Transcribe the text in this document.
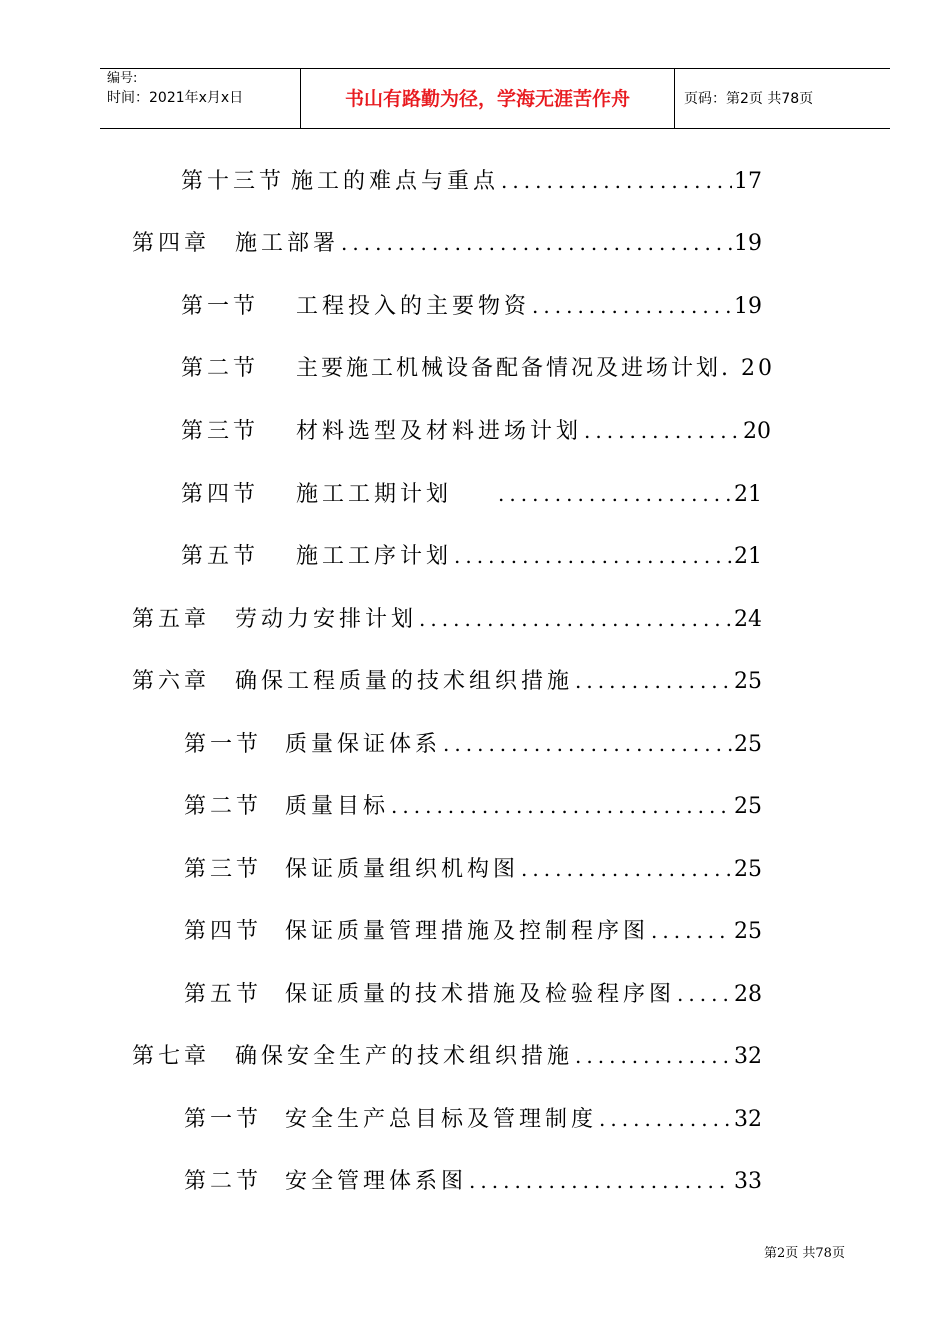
编号:
时间：2021年x月x日	书山有路勤为径，学海无涯苦作舟	页码：第2页 共78页
第十三节 施工的难点与重点 .....	17
第四章	施工部署 .....	19
第一节	工程投入的主要物资 .....	19
第二节	主要施工机械设备配备情况及进场计划. 20
第三节	材料选型及材料进场计划 .....	20
第四节	施工工期计划 .....	21
第五节	施工工序计划 .....	21
第五章	劳动力安排计划 .....	24
第六章	确保工程质量的技术组织措施 .....	25
第一节	质量保证体系 .....	25
第二节	质量目标 .....	25
第三节	保证质量组织机构图 .....	25
第四节	保证质量管理措施及控制程序图 .....	25
第五节	保证质量的技术措施及检验程序图 .....	28
第七章	确保安全生产的技术组织措施 .....	32
第一节	安全生产总目标及管理制度 .....	32
第二节	安全管理体系图 .....	33
第2页 共78页
